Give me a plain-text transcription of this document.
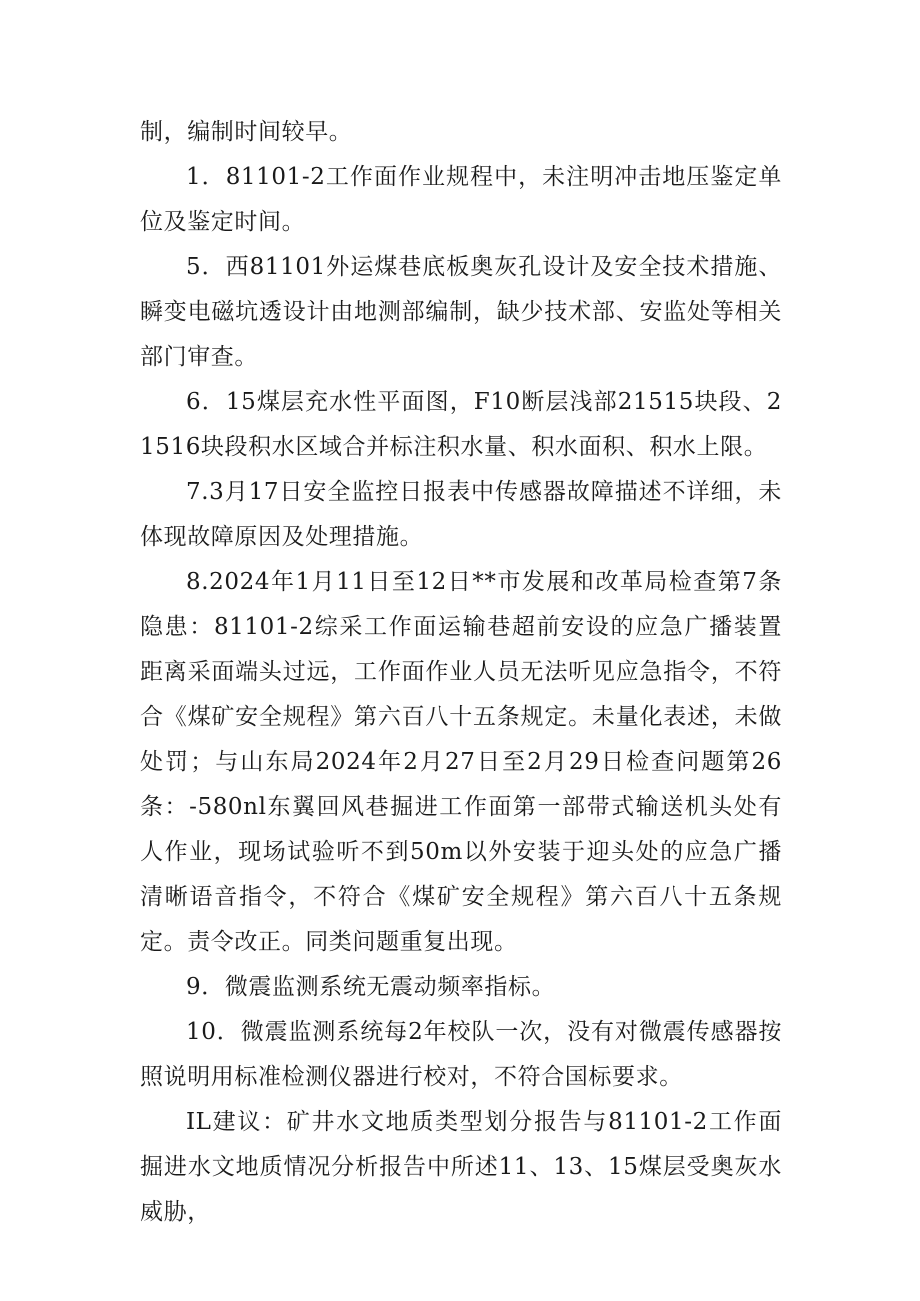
制，编制时间较早。

1．81101-2工作面作业规程中，未注明冲击地压鉴定单位及鉴定时间。

5．西81101外运煤巷底板奥灰孔设计及安全技术措施、瞬变电磁坑透设计由地测部编制，缺少技术部、安监处等相关部门审查。

6．15煤层充水性平面图，F10断层浅部21515块段、21516块段积水区域合并标注积水量、积水面积、积水上限。

7.3月17日安全监控日报表中传感器故障描述不详细，未体现故障原因及处理措施。

8.2024年1月11日至12日**市发展和改革局检查第7条隐患：81101-2综采工作面运输巷超前安设的应急广播装置距离采面端头过远，工作面作业人员无法听见应急指令，不符合《煤矿安全规程》第六百八十五条规定。未量化表述，未做处罚；与山东局2024年2月27日至2月29日检查问题第26条：-580nl东翼回风巷掘进工作面第一部带式输送机头处有人作业，现场试验听不到50m以外安装于迎头处的应急广播清晰语音指令，不符合《煤矿安全规程》第六百八十五条规定。责令改正。同类问题重复出现。

9．微震监测系统无震动频率指标。

10．微震监测系统每2年校队一次，没有对微震传感器按照说明用标准检测仪器进行校对，不符合国标要求。

IL建议：矿井水文地质类型划分报告与81101-2工作面掘进水文地质情况分析报告中所述11、13、15煤层受奥灰水威胁，
